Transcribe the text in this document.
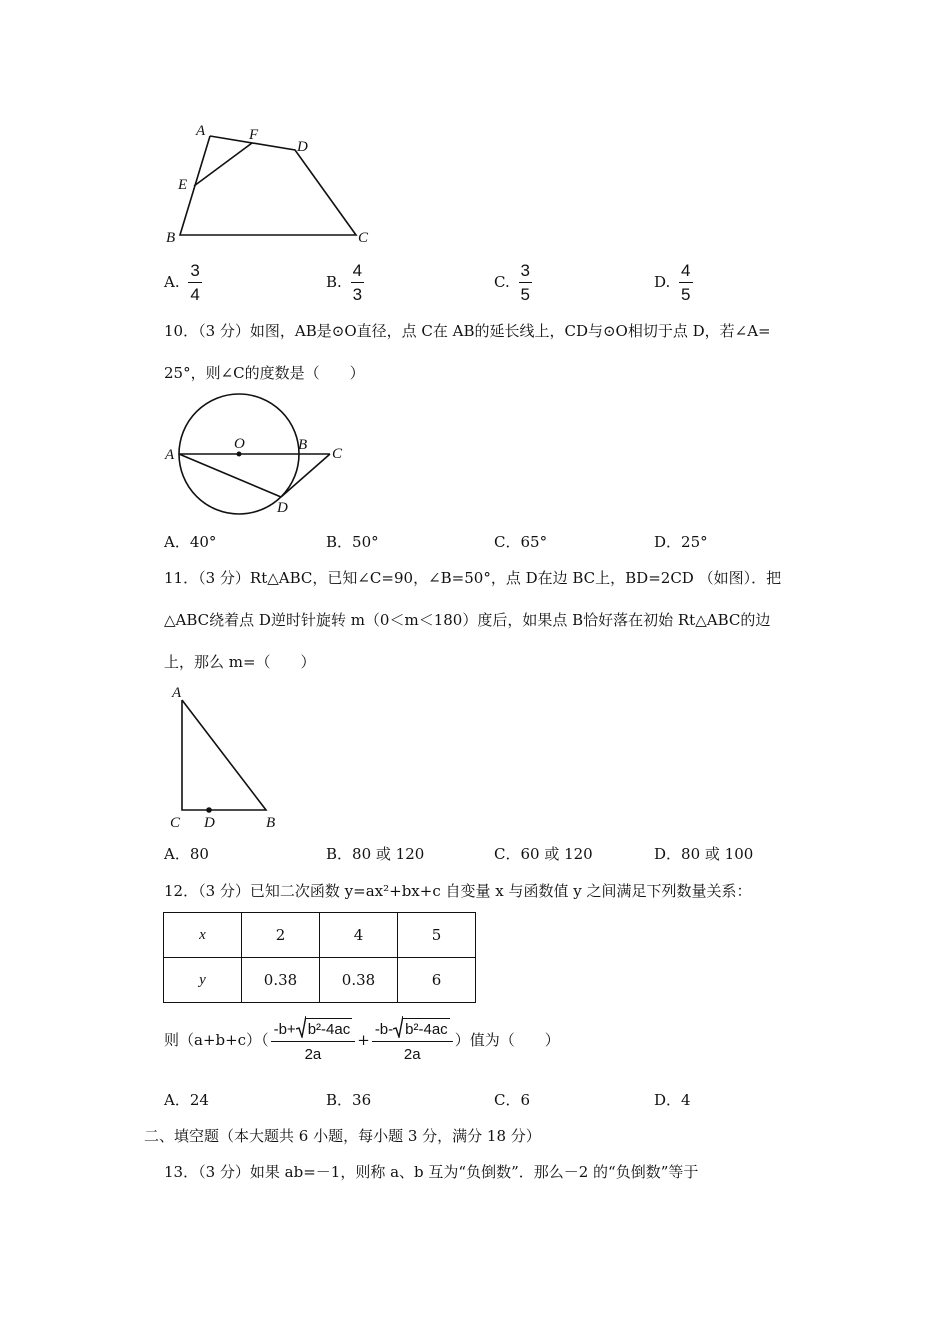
A	F
D
E
B	C
A. $\frac{3}{4}$	B. $\frac{4}{3}$	C. $\frac{3}{5}$	D. $\frac{4}{5}$
10．（3 分）如图，AB是⊙O直径，点 C在 AB的延长线上，CD与⊙O相切于点 D，若∠A=
25°，则∠C的度数是（　　）
A
O	B
C
D
A．40°	B．50°	C．65°	D．25°
11．（3 分）Rt△ABC，已知∠C=90，∠B=50°，点 D在边 BC上，BD=2CD （如图）．把
△ABC绕着点 D逆时针旋转 m（0＜m＜180）度后，如果点 B恰好落在初始 Rt△ABC的边
上，那么 m=（　　）
A
C D	B
A．80	B．80 或 120	C．60 或 120	D．80 或 100
12．（3 分）已知二次函数 y=ax²+bx+c 自变量 x 与函数值 y 之间满足下列数量关系：
x	2	4	5
y	0.38	0.38	6
则（a+b+c）（
-b+ b²-4ac
2a
+ $\frac{\text{-b- b²-4ac}}{2a}$ ）值为（　　）
A．24	B．36	C．6	D．4
二、填空题（本大题共 6 小题，每小题 3 分，满分 18 分）
13．（3 分）如果 ab=－1，则称 a、b 互为“负倒数”．那么－2 的“负倒数”等于
